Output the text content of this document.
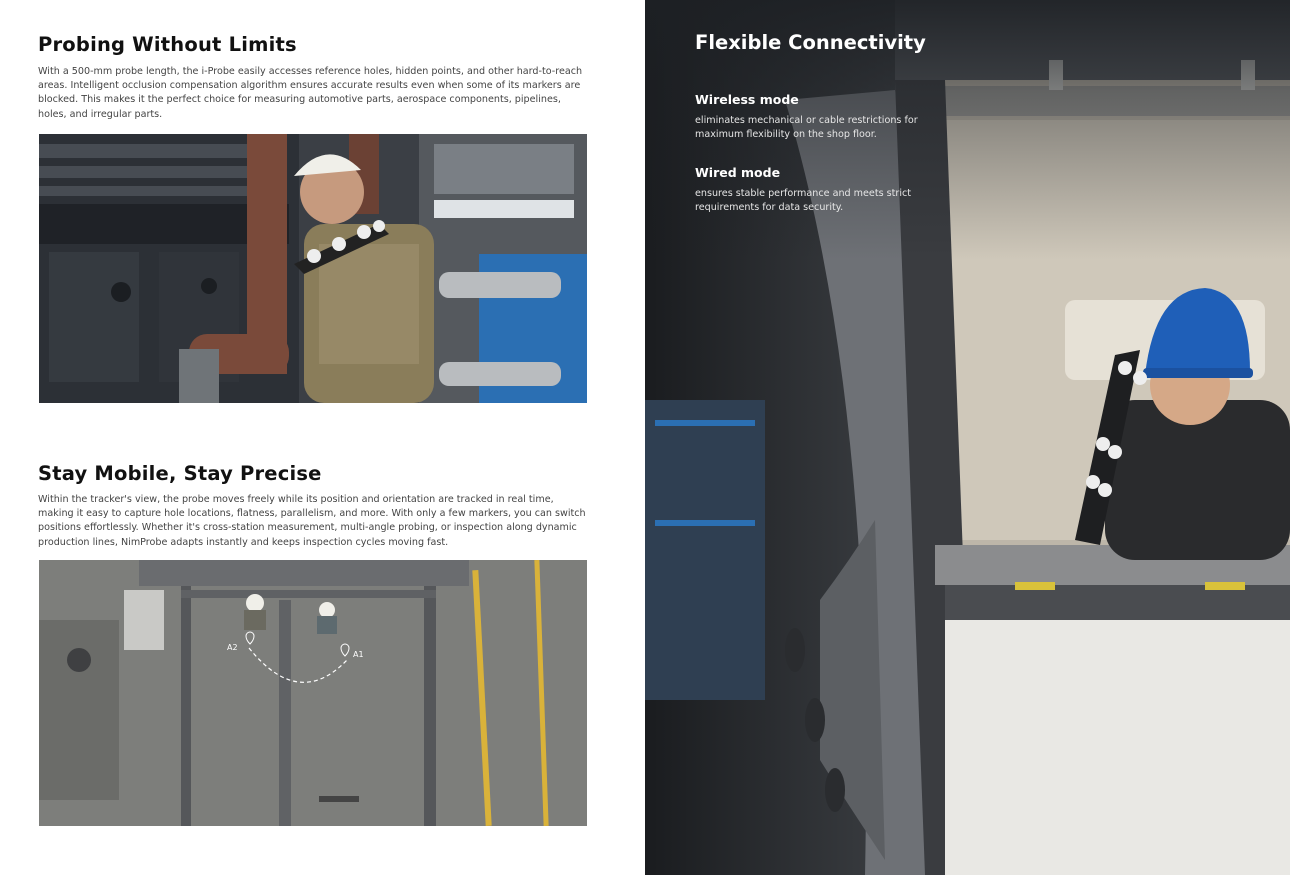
Probing Without Limits

With a 500-mm probe length, the i-Probe easily accesses reference holes, hidden points, and other hard-to-reach areas. Intelligent occlusion compensation algorithm ensures accurate results even when some of its markers are blocked. This makes it the perfect choice for measuring automotive parts, aerospace components, pipelines, holes, and irregular parts.

Stay Mobile, Stay Precise

Within the tracker's view, the probe moves freely while its position and orientation are tracked in real time, making it easy to capture hole locations, flatness, parallelism, and more. With only a few markers, you can switch positions effortlessly. Whether it's cross-station measurement, multi-angle probing, or inspection along dynamic production lines, NimProbe adapts instantly and keeps inspection cycles moving fast.

A2
A1
Flexible Connectivity
Wireless mode

eliminates mechanical or cable restrictions for maximum flexibility on the shop floor.

Wired mode

ensures stable performance and meets strict requirements for data security.
